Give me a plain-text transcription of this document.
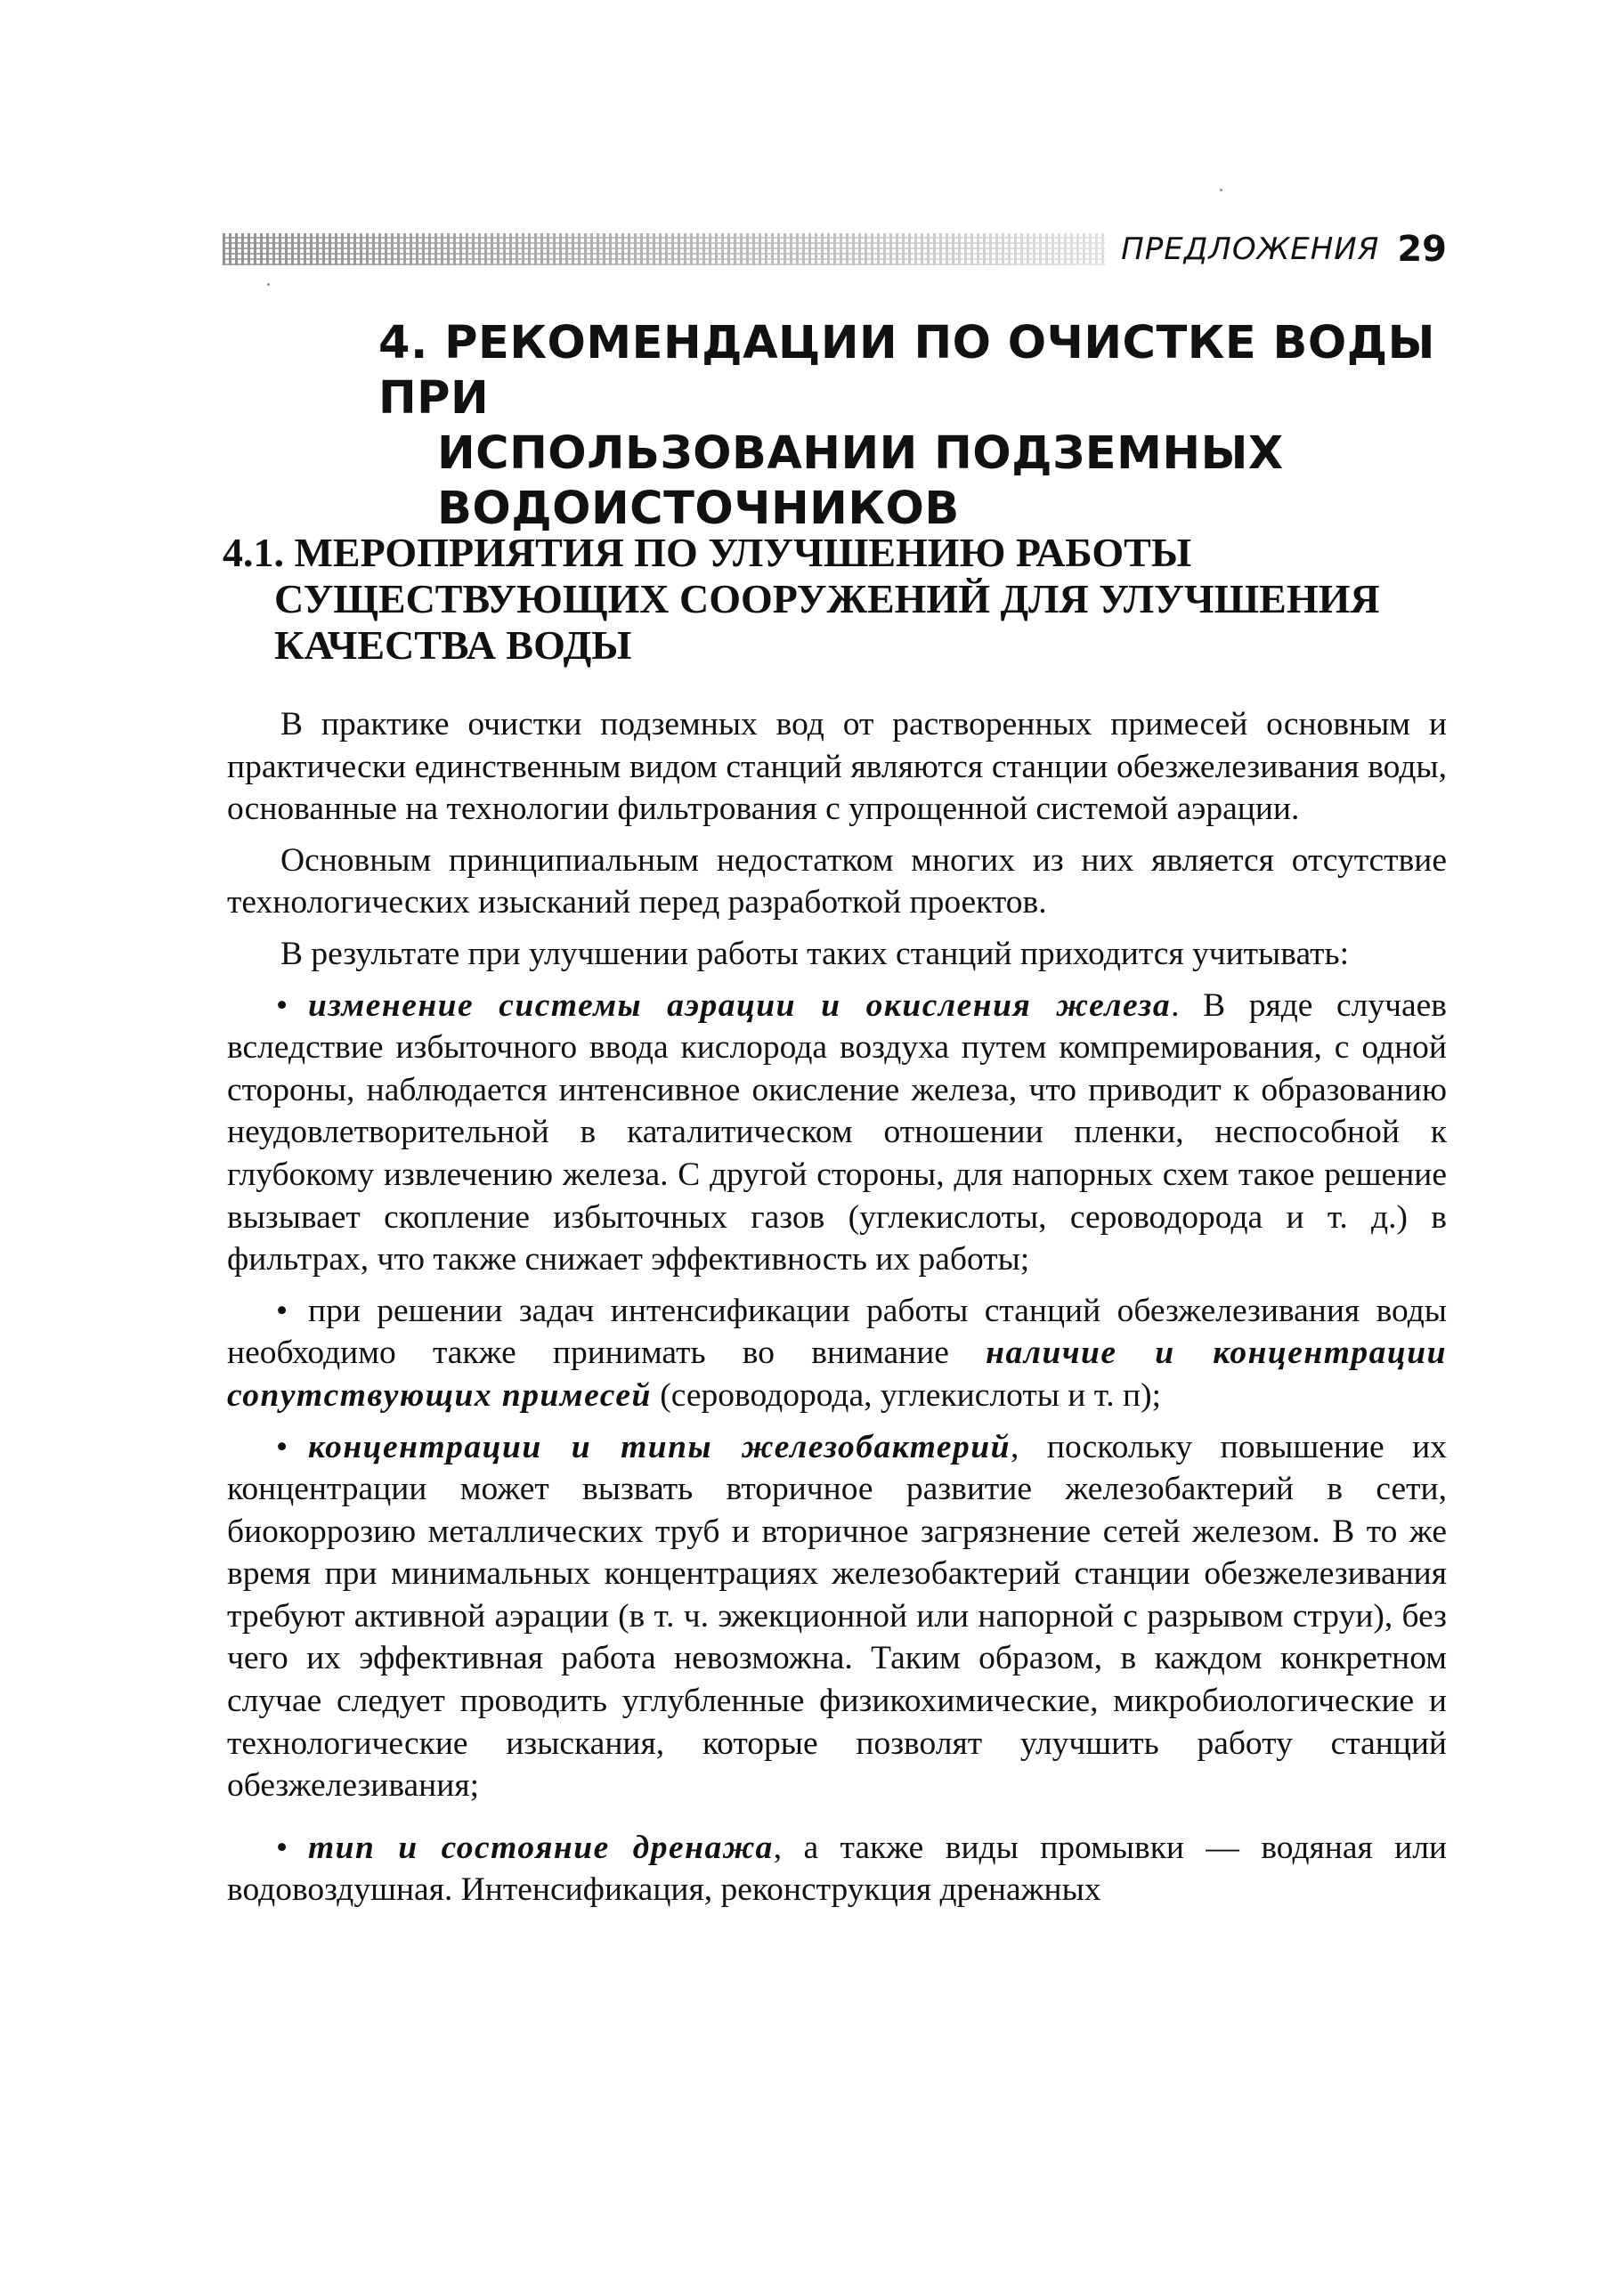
ПРЕДЛОЖЕНИЯ 29
4. РЕКОМЕНДАЦИИ ПО ОЧИСТКЕ ВОДЫ ПРИ
ИСПОЛЬЗОВАНИИ ПОДЗЕМНЫХ
ВОДОИСТОЧНИКОВ
4.1. МЕРОПРИЯТИЯ ПО УЛУЧШЕНИЮ РАБОТЫ
СУЩЕСТВУЮЩИХ СООРУЖЕНИЙ ДЛЯ УЛУЧШЕНИЯ
КАЧЕСТВА ВОДЫ

В практике очистки подземных вод от растворенных примесей основным и практически единственным видом станций являются станции обезжелезивания воды, основанные на технологии фильтрования с упрощенной системой аэрации.

Основным принципиальным недостатком многих из них является отсутствие технологических изысканий перед разработкой проектов.

В результате при улучшении работы таких станций приходится учитывать:

• изменение системы аэрации и окисления железа. В ряде случаев вследствие избыточного ввода кислорода воздуха путем компремирования, с одной стороны, наблюдается интенсивное окисление железа, что приводит к образованию неудовлетворительной в каталитическом отношении пленки, неспособной к глубокому извлечению железа. С другой стороны, для напорных схем такое решение вызывает скопление избыточных газов (углекислоты, сероводорода и т. д.) в фильтрах, что также снижает эффективность их работы;

• при решении задач интенсификации работы станций обезжелезивания воды необходимо также принимать во внимание наличие и концентрации сопутствующих примесей (сероводорода, углекислоты и т. п);

• концентрации и типы железобактерий, поскольку повышение их концентрации может вызвать вторичное развитие железобактерий в сети, биокоррозию металлических труб и вторичное загрязнение сетей железом. В то же время при минимальных концентрациях железобактерий станции обезжелезивания требуют активной аэрации (в т. ч. эжекционной или напорной с разрывом струи), без чего их эффективная работа невозможна. Таким образом, в каждом конкретном случае следует проводить углубленные физикохимические, микробиологические и технологические изыскания, которые позволят улучшить работу станций обезжелезивания;

• тип и состояние дренажа, а также виды промывки — водяная или водовоздушная. Интенсификация, реконструкция дренажных
